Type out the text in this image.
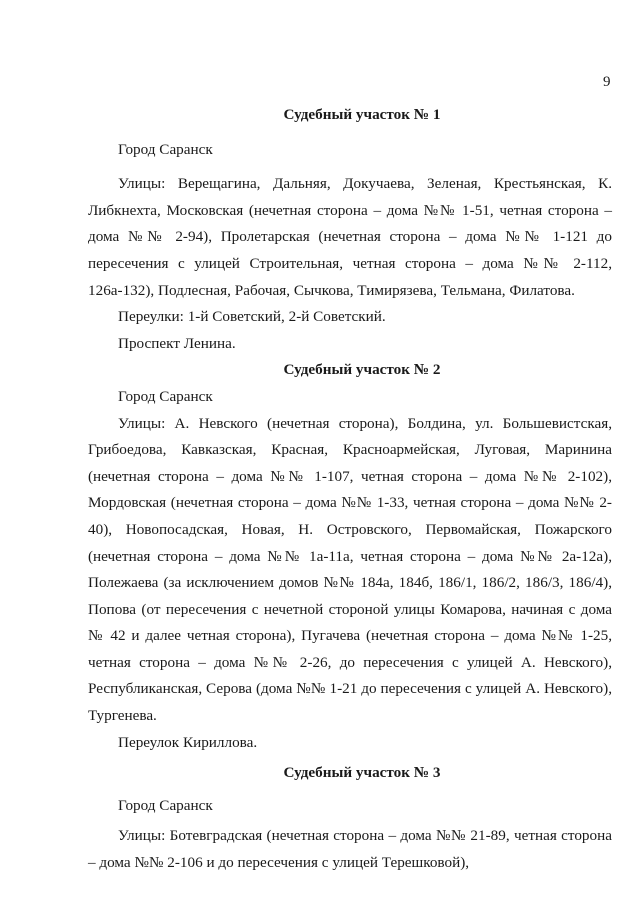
9

Судебный участок № 1

Город Саранск

Улицы: Верещагина, Дальняя, Докучаева, Зеленая, Крестьянская, К. Либкнехта, Московская (нечетная сторона – дома №№ 1-51, четная сторона – дома №№ 2-94), Пролетарская (нечетная сторона – дома №№ 1-121 до пересечения с улицей Строительная, четная сторона – дома №№ 2-112, 126а-132), Подлесная, Рабочая, Сычкова, Тимирязева, Тельмана, Филатова.

Переулки: 1-й Советский, 2-й Советский.

Проспект Ленина.

Судебный участок № 2

Город Саранск

Улицы: А. Невского (нечетная сторона), Болдина, ул. Большевистская, Грибоедова, Кавказская, Красная, Красноармейская, Луговая, Маринина (нечетная сторона – дома №№ 1-107, четная сторона – дома №№ 2-102), Мордовская (нечетная сторона – дома №№ 1-33, четная сторона – дома №№ 2-40), Новопосадская, Новая, Н. Островского, Первомайская, Пожарского (нечетная сторона – дома №№ 1а-11а, четная сторона – дома №№ 2а-12а), Полежаева (за исключением домов №№ 184а, 184б, 186/1, 186/2, 186/3, 186/4), Попова (от пересечения с нечетной стороной улицы Комарова, начиная с дома № 42 и далее четная сторона), Пугачева (нечетная сторона – дома №№ 1-25, четная сторона – дома №№ 2-26, до пересечения с улицей А. Невского), Республиканская, Серова (дома №№ 1-21 до пересечения с улицей А. Невского), Тургенева.

Переулок Кириллова.

Судебный участок № 3

Город Саранск

Улицы: Ботевградская (нечетная сторона – дома №№ 21-89, четная сторона – дома №№ 2-106 и до пересечения с улицей Терешковой),
